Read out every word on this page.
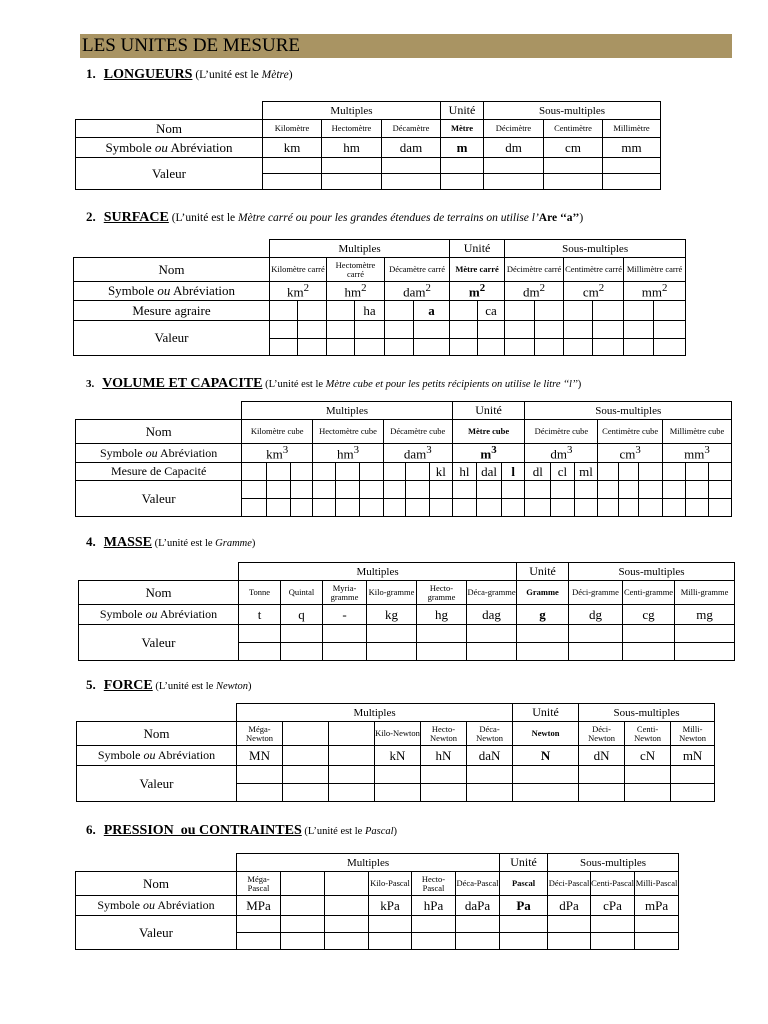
LES UNITES DE MESURE
1. LONGUEURS (L’unité est le Mètre)
	Multiples			Unité	Sous-multiples		
Nom	Kilomètre	Hectomètre	Décamètre	Mètre	Décimètre	Centimètre	Millimètre
Symbole ou Abréviation	km	hm	dam	m	dm	cm	mm
Valeur							

2. SURFACE (L’unité est le Mètre carré ou pour les grandes étendues de terrains on utilise l’Are ‘‘a’’)
	Multiples						Unité		Sous-multiples					
Nom	Kilomètre carré		Hectomètre carré		Décamètre carré		Mètre carré		Décimètre carré		Centimètre carré		Millimètre carré	
Symbole ou Abréviation	$km^2$		$hm^2$		dam$^2$		$m^2$		$dm^2$		$cm^2$		$mm^2$
Mesure agraire				ha		a		ca						
Valeur														

3. VOLUME ET CAPACITE (L’unité est le Mètre cube et pour les petits récipients on utilise le litre ‘‘l’’)
	Multiples									Unité			Sous-multiples								
Nom	Kilomètre cube			Hectomètre cube			Décamètre cube			Mètre cube			Décimètre cube			Centimètre cube			Millimètre cube		
Symbole ou Abréviation	$km^3$			$hm^3$			dam$^3$			$m^3$			$dm^3$			$cm^3$			$mm^3$
Mesure de Capacité									kl	hl	dal	l	dl	cl	ml						
Valeur																					

4. MASSE (L’unité est le Gramme)
	Multiples						Unité	Sous-multiples		
Nom	Tonne	Quintal	Myria-gramme	Kilo-gramme	Hecto-gramme	Déca-gramme	Gramme	Déci-gramme	Centi-gramme	Milli-gramme
Symbole ou Abréviation	t	q	-	kg	hg	dag	g	dg	cg	mg
Valeur										

5. FORCE (L’unité est le Newton)
	Multiples						Unité	Sous-multiples		
Nom	Méga-Newton			Kilo-Newton	Hecto-Newton	Déca-Newton	Newton	Déci-Newton	Centi-Newton	Milli-Newton
Symbole ou Abréviation	MN			kN	hN	daN	N	dN	cN	mN
Valeur										

6. PRESSION  ou CONTRAINTES (L’unité est le Pascal)
	Multiples						Unité	Sous-multiples		
Nom	Méga-Pascal			Kilo-Pascal	Hecto-Pascal	Déca-Pascal	Pascal	Déci-Pascal	Centi-Pascal	Milli-Pascal
Symbole ou Abréviation	MPa			kPa	hPa	daPa	Pa	dPa	cPa	mPa
Valeur										
